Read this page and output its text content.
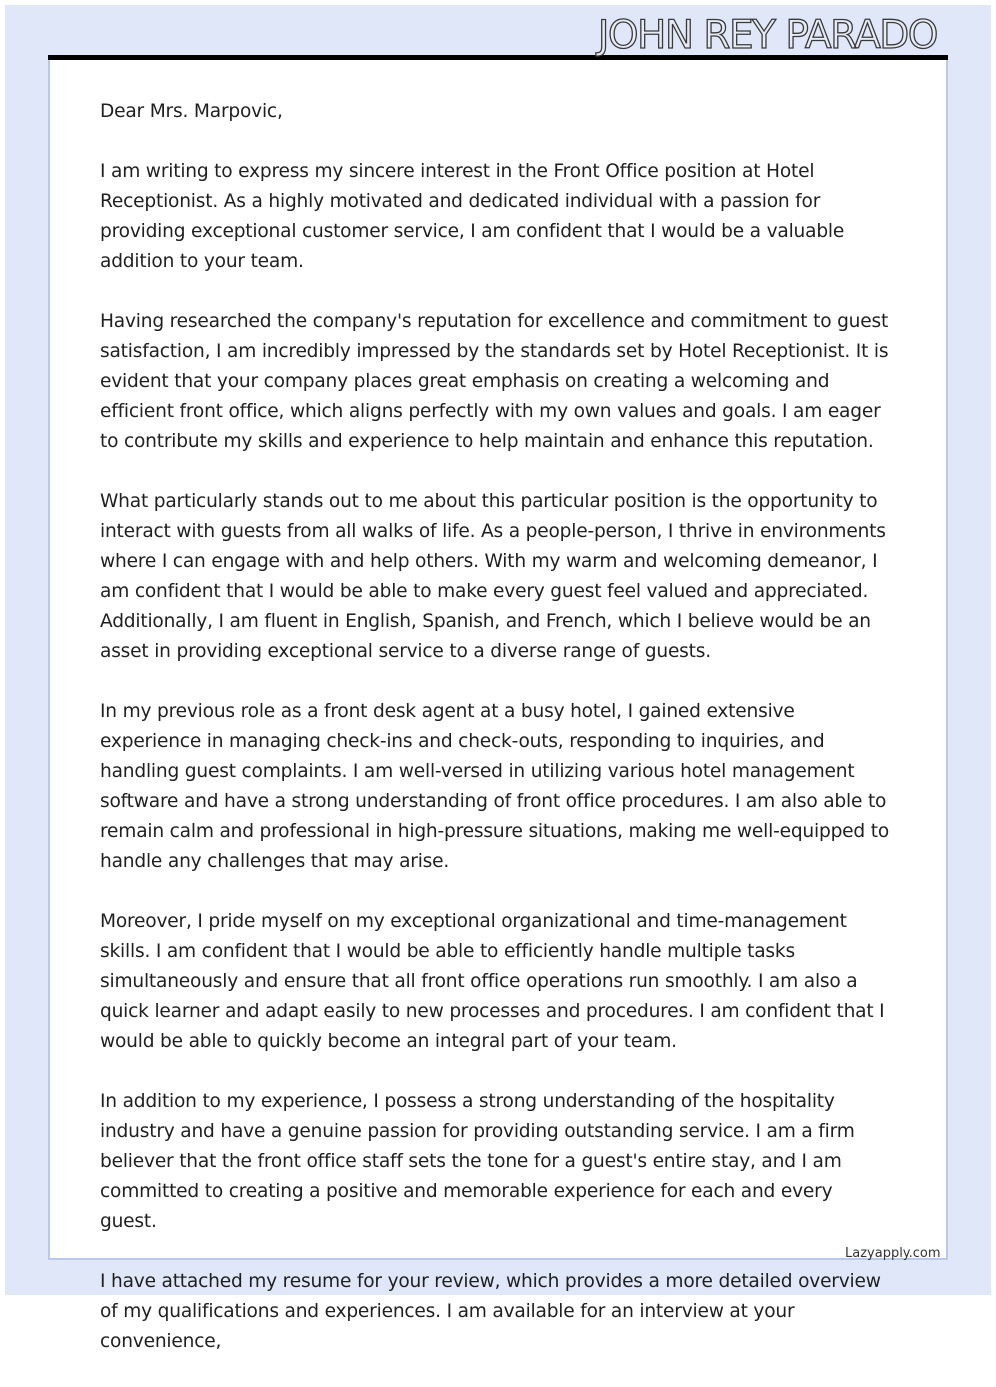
JOHN REY PARADO

Dear Mrs. Marpovic,

I am writing to express my sincere interest in the Front Office position at Hotel Receptionist. As a highly motivated and dedicated individual with a passion for providing exceptional customer service, I am confident that I would be a valuable addition to your team.

Having researched the company's reputation for excellence and commitment to guest satisfaction, I am incredibly impressed by the standards set by Hotel Receptionist. It is evident that your company places great emphasis on creating a welcoming and efficient front office, which aligns perfectly with my own values and goals. I am eager to contribute my skills and experience to help maintain and enhance this reputation.

What particularly stands out to me about this particular position is the opportunity to interact with guests from all walks of life. As a people-person, I thrive in environments where I can engage with and help others. With my warm and welcoming demeanor, I am confident that I would be able to make every guest feel valued and appreciated. Additionally, I am fluent in English, Spanish, and French, which I believe would be an asset in providing exceptional service to a diverse range of guests.

In my previous role as a front desk agent at a busy hotel, I gained extensive experience in managing check-ins and check-outs, responding to inquiries, and handling guest complaints. I am well-versed in utilizing various hotel management software and have a strong understanding of front office procedures. I am also able to remain calm and professional in high-pressure situations, making me well-equipped to handle any challenges that may arise.

Moreover, I pride myself on my exceptional organizational and time-management skills. I am confident that I would be able to efficiently handle multiple tasks simultaneously and ensure that all front office operations run smoothly. I am also a quick learner and adapt easily to new processes and procedures. I am confident that I would be able to quickly become an integral part of your team.

In addition to my experience, I possess a strong understanding of the hospitality industry and have a genuine passion for providing outstanding service. I am a firm believer that the front office staff sets the tone for a guest's entire stay, and I am committed to creating a positive and memorable experience for each and every guest.

I have attached my resume for your review, which provides a more detailed overview of my qualifications and experiences. I am available for an interview at your convenience,

Lazyapply.com
